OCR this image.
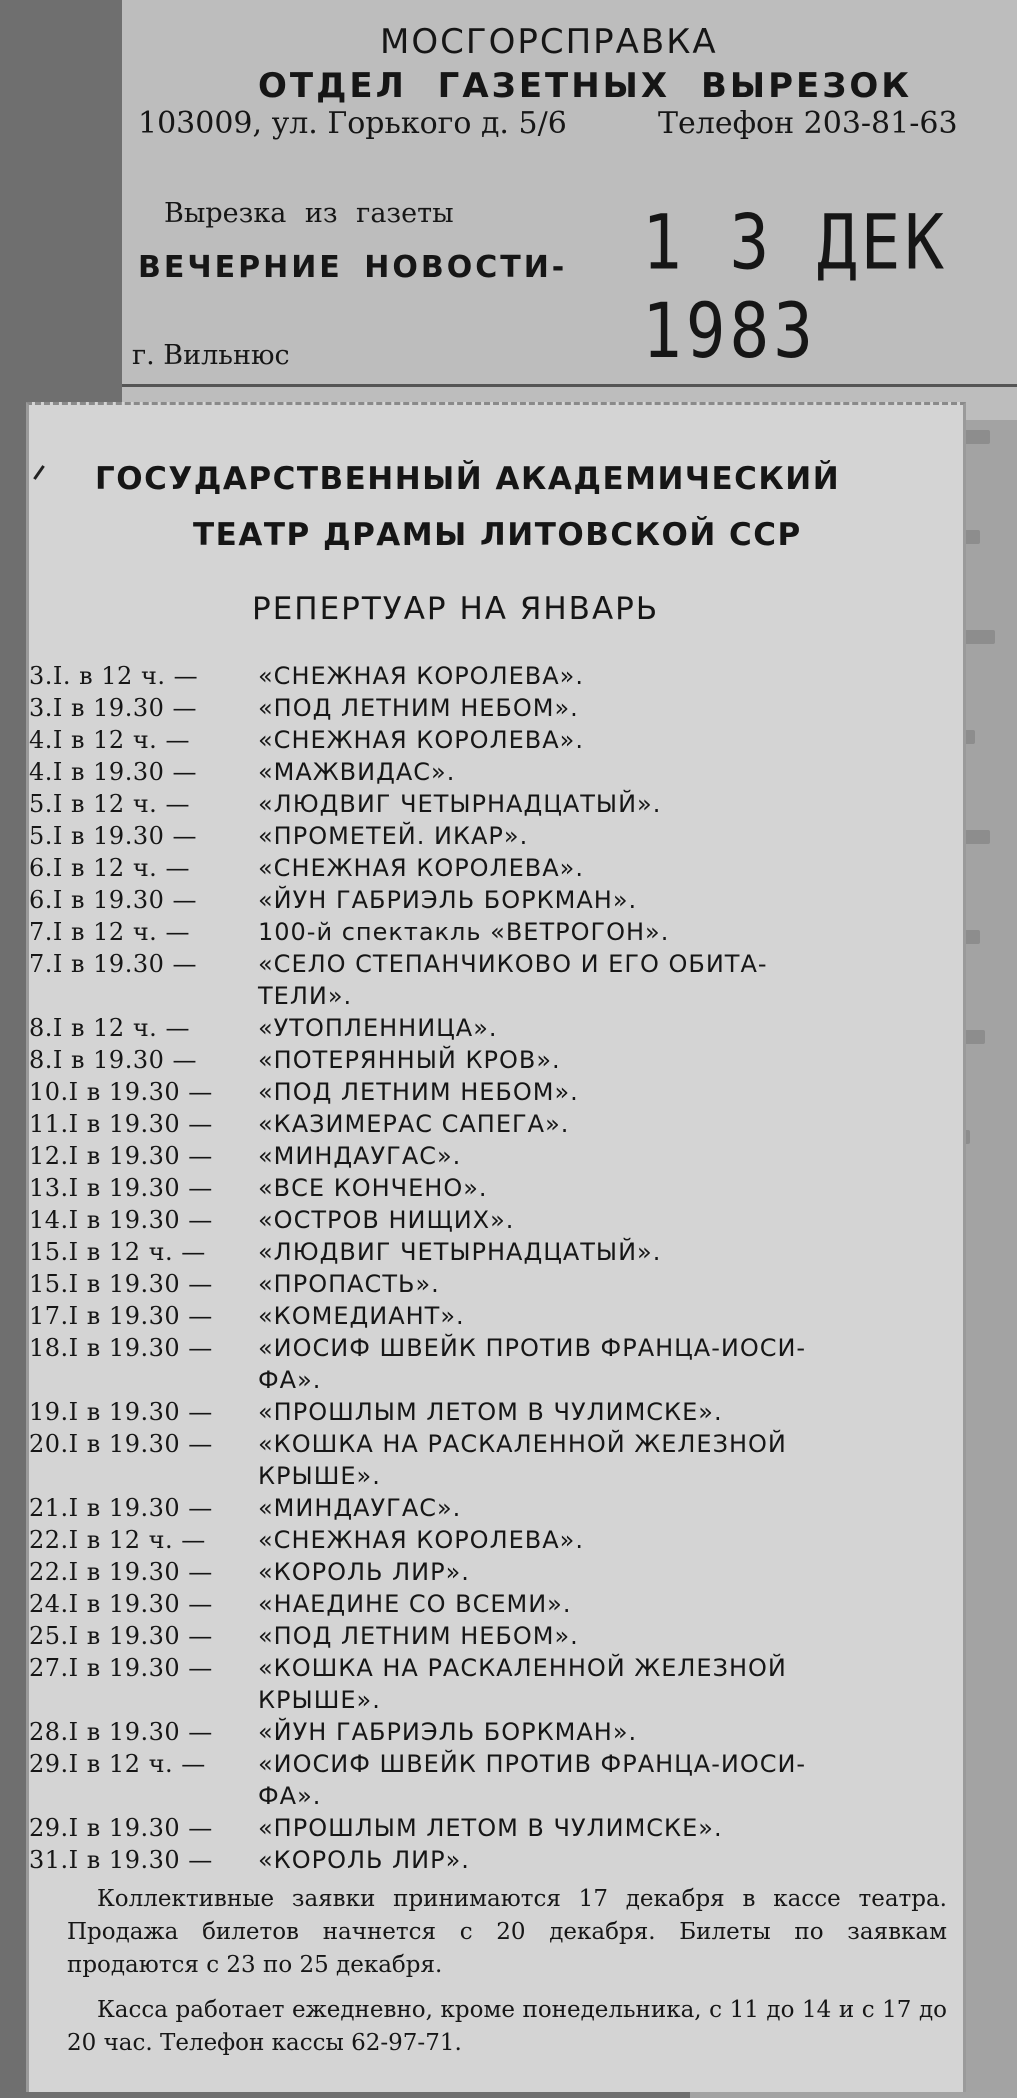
МОСГОРСПРАВКА
ОТДЕЛ ГАЗЕТНЫХ ВЫРЕЗОК
103009, ул. Горького д. 5/6	Телефон 203-81-63
Вырезка из газеты
ВЕЧЕРНИЕ НОВОСТИ- 1 3 ДЕК 1983
г. Вильнюс
ГОСУДАРСТВЕННЫЙ АКАДЕМИЧЕСКИЙ
ТЕАТР ДРАМЫ ЛИТОВСКОЙ ССР
РЕПЕРТУАР НА ЯНВАРЬ
3.I. в 12 ч. —	«СНЕЖНАЯ КОРОЛЕВА».
3.I в 19.30 —	«ПОД ЛЕТНИМ НЕБОМ».
4.I в 12 ч. —	«СНЕЖНАЯ КОРОЛЕВА».
4.I в 19.30 —	«МАЖВИДАС».
5.I в 12 ч. —	«ЛЮДВИГ ЧЕТЫРНАДЦАТЫЙ».
5.I в 19.30 —	«ПРОМЕТЕЙ. ИКАР».
6.I в 12 ч. —	«СНЕЖНАЯ КОРОЛЕВА».
6.I в 19.30 —	«ЙУН ГАБРИЭЛЬ БОРКМАН».
7.I в 12 ч. —	100-й спектакль «ВЕТРОГОН».
7.I в 19.30 —	«СЕЛО СТЕПАНЧИКОВО И ЕГО ОБИТА-
ТЕЛИ».
8.I в 12 ч. —	«УТОПЛЕННИЦА».
8.I в 19.30 —	«ПОТЕРЯННЫЙ КРОВ».
10.I в 19.30 —	«ПОД ЛЕТНИМ НЕБОМ».
11.I в 19.30 —	«КАЗИМЕРАС САПЕГА».
12.I в 19.30 —	«МИНДАУГАС».
13.I в 19.30 —	«ВСЕ КОНЧЕНО».
14.I в 19.30 —	«ОСТРОВ НИЩИХ».
15.I в 12 ч. —	«ЛЮДВИГ ЧЕТЫРНАДЦАТЫЙ».
15.I в 19.30 —	«ПРОПАСТЬ».
17.I в 19.30 —	«КОМЕДИАНТ».
18.I в 19.30 —	«ИОСИФ ШВЕЙК ПРОТИВ ФРАНЦА-ИОСИ-
ФА».
19.I в 19.30 —	«ПРОШЛЫМ ЛЕТОМ В ЧУЛИМСКЕ».
20.I в 19.30 —	«КОШКА НА РАСКАЛЕННОЙ ЖЕЛЕЗНОЙ
КРЫШЕ».
21.I в 19.30 —	«МИНДАУГАС».
22.I в 12 ч. —	«СНЕЖНАЯ КОРОЛЕВА».
22.I в 19.30 —	«КОРОЛЬ ЛИР».
24.I в 19.30 —	«НАЕДИНЕ СО ВСЕМИ».
25.I в 19.30 —	«ПОД ЛЕТНИМ НЕБОМ».
27.I в 19.30 —	«КОШКА НА РАСКАЛЕННОЙ ЖЕЛЕЗНОЙ
КРЫШЕ».
28.I в 19.30 —	«ЙУН ГАБРИЭЛЬ БОРКМАН».
29.I в 12 ч. —	«ИОСИФ ШВЕЙК ПРОТИВ ФРАНЦА-ИОСИ-
ФА».
29.I в 19.30 —	«ПРОШЛЫМ ЛЕТОМ В ЧУЛИМСКЕ».
31.I в 19.30 —	«КОРОЛЬ ЛИР».
Коллективные заявки принимаются 17 декабря в кассе театра. Продажа билетов начнется с 20 декабря. Билеты по заявкам продаются с 23 по 25 декабря.
Касса работает ежедневно, кроме понедельника, с 11 до 14 и с 17 до 20 час. Телефон кассы 62-97-71.
